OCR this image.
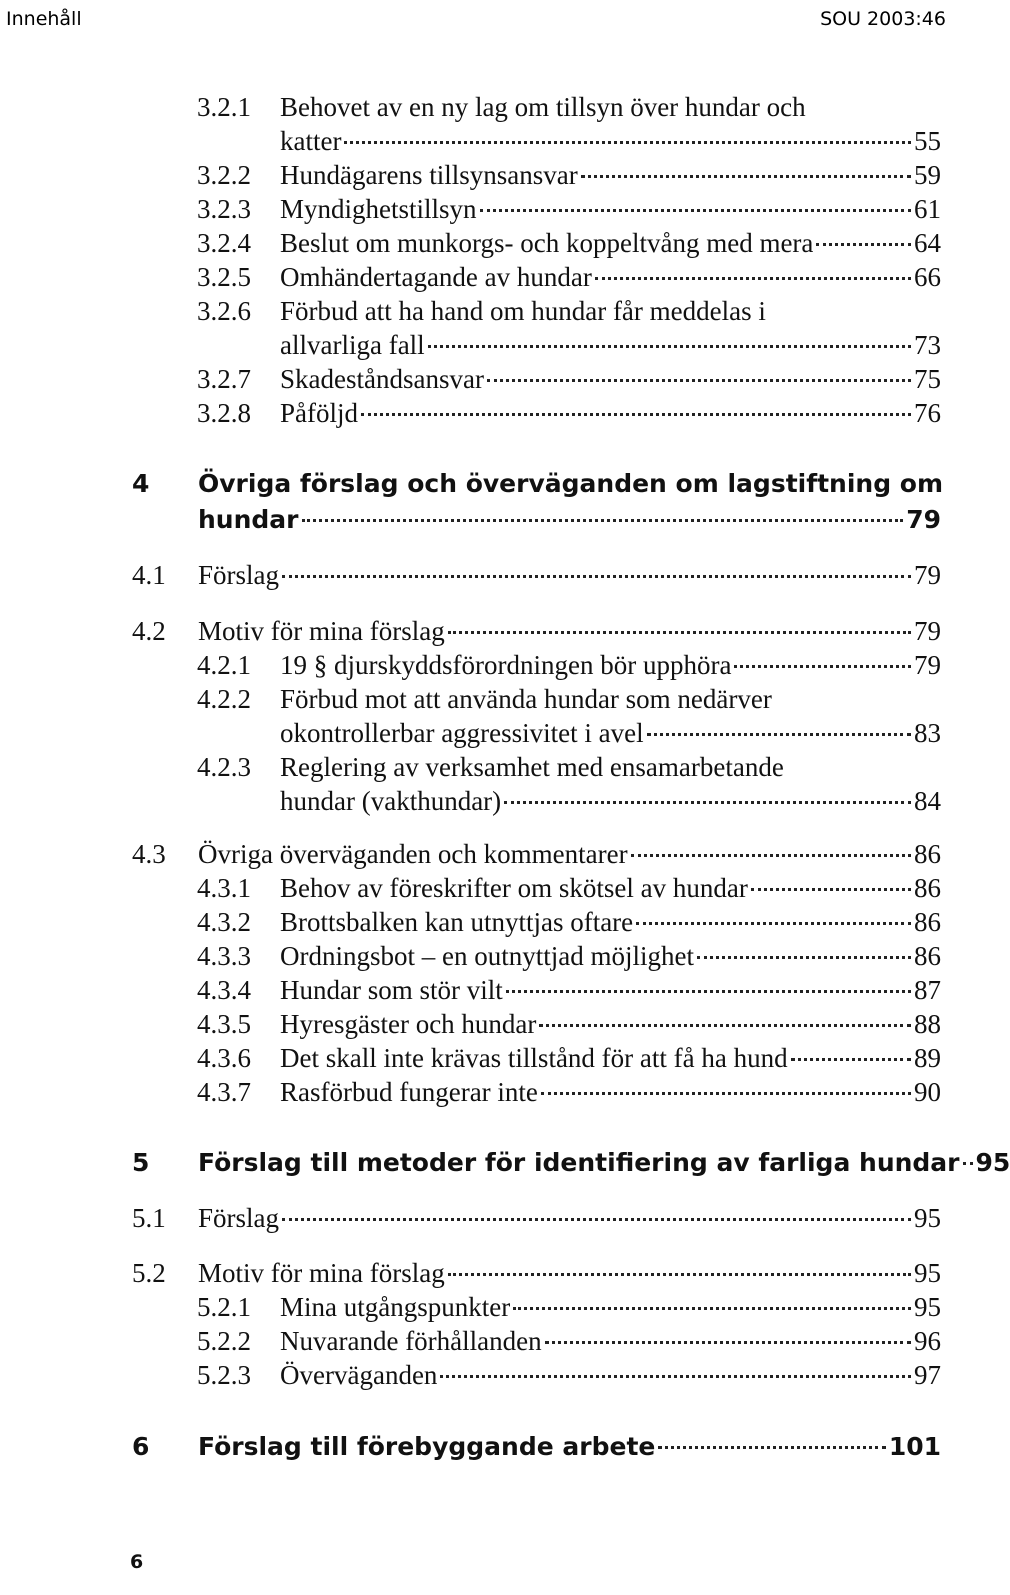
Innehåll	SOU 2003:46
3.2.1	Behovet av en ny lag om tillsyn över hundar och
katter	55
3.2.2	Hundägarens tillsynsansvar	59
3.2.3	Myndighetstillsyn	61
3.2.4	Beslut om munkorgs- och koppeltvång med mera	64
3.2.5	Omhändertagande av hundar	66
3.2.6	Förbud att ha hand om hundar får meddelas i
allvarliga fall	73
3.2.7	Skadeståndsansvar	75
3.2.8	Påföljd	76
4	Övriga förslag och överväganden om lagstiftning om
hundar	79
4.1	Förslag	79
4.2	Motiv för mina förslag	79
4.2.1	19 § djurskyddsförordningen bör upphöra	79
4.2.2	Förbud mot att använda hundar som nedärver
okontrollerbar aggressivitet i avel	83
4.2.3	Reglering av verksamhet med ensamarbetande
hundar (vakthundar)	84
4.3	Övriga överväganden och kommentarer	86
4.3.1	Behov av föreskrifter om skötsel av hundar	86
4.3.2	Brottsbalken kan utnyttjas oftare	86
4.3.3	Ordningsbot – en outnyttjad möjlighet	86
4.3.4	Hundar som stör vilt	87
4.3.5	Hyresgäster och hundar	88
4.3.6	Det skall inte krävas tillstånd för att få ha hund	89
4.3.7	Rasförbud fungerar inte	90
5	Förslag till metoder för identifiering av farliga hundar 95
5.1	Förslag	95
5.2	Motiv för mina förslag	95
5.2.1	Mina utgångspunkter	95
5.2.2	Nuvarande förhållanden	96
5.2.3	Överväganden	97
6	Förslag till förebyggande arbete	101
6
